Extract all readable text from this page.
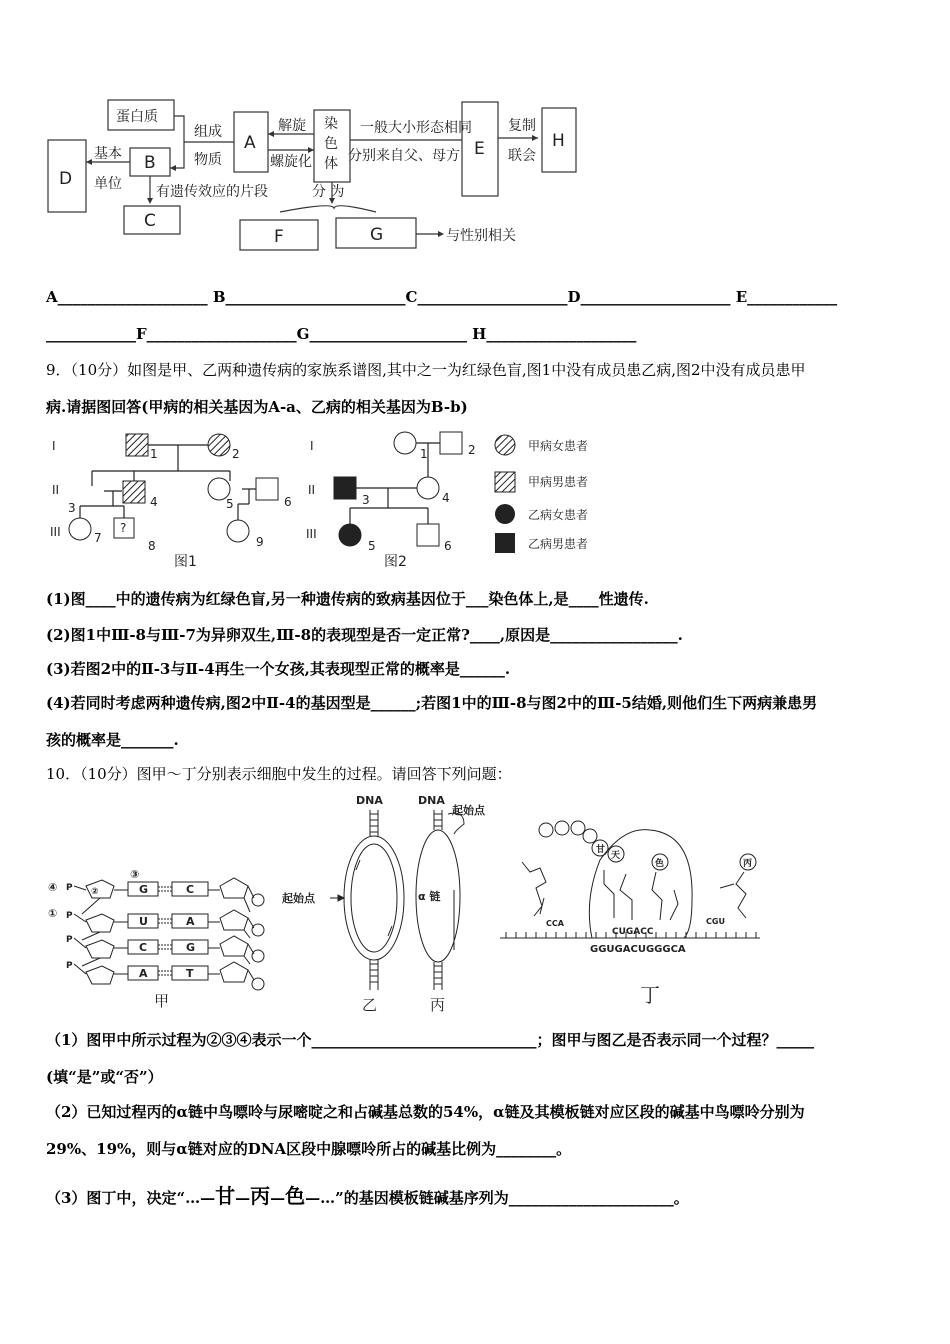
蛋白质
组成
物质
基本
单位
解旋
螺旋化
染
色
体
分 为
一般大小形态相同
分别来自父、母方
复制
联会
有遗传效应的片段
与性别相关
D
B
C
A	E	H
F	G
A____________________ B________________________C____________________D____________________ E____________
____________F____________________G_____________________ H____________________
9．（10分）如图是甲、乙两种遗传病的家族系谱图,其中之一为红绿色盲,图1中没有成员患乙病,图2中没有成员患甲
病.请据图回答(甲病的相关基因为A-a、乙病的相关基因为B-b)
I
II
III
I
II
III
1	2
3	4	5	6
7
8
?
9
1	2
3	4
5	6
图1	图2
甲病女患者
甲病男患者
乙病女患者
乙病男患者
(1)图____中的遗传病为红绿色盲,另一种遗传病的致病基因位于___染色体上,是____性遗传.
(2)图1中Ⅲ-8与Ⅲ-7为异卵双生,Ⅲ-8的表现型是否一定正常?____,原因是_________________.
(3)若图2中的Ⅱ-3与Ⅱ-4再生一个女孩,其表现型正常的概率是______.
(4)若同时考虑两种遗传病,图2中Ⅱ-4的基因型是______;若图1中的Ⅲ-8与图2中的Ⅲ-5结婚,则他们生下两病兼患男
孩的概率是_______.
10．（10分）图甲～丁分别表示细胞中发生的过程。请回答下列问题：
④
①
③
②
P
P
P
P
G
U
C
A
C
A
G
T
DNA	DNA
起始点
起始点	α 链
CCA
CUGACC
CGU
GGUGACUGGGCA
甘
天
色	丙
甲	乙	丙	丁
（1）图甲中所示过程为②③④表示一个______________________________；图甲与图乙是否表示同一个过程？_____
(填“是”或“否”）
（2）已知过程丙的α链中鸟嘌呤与尿嘧啶之和占碱基总数的54%，α链及其模板链对应区段的碱基中鸟嘌呤分别为
29%、19%，则与α链对应的DNA区段中腺嘌呤所占的碱基比例为________。
（3）图丁中，决定“…—甘—丙—色—…”的基因模板链碱基序列为______________________。
